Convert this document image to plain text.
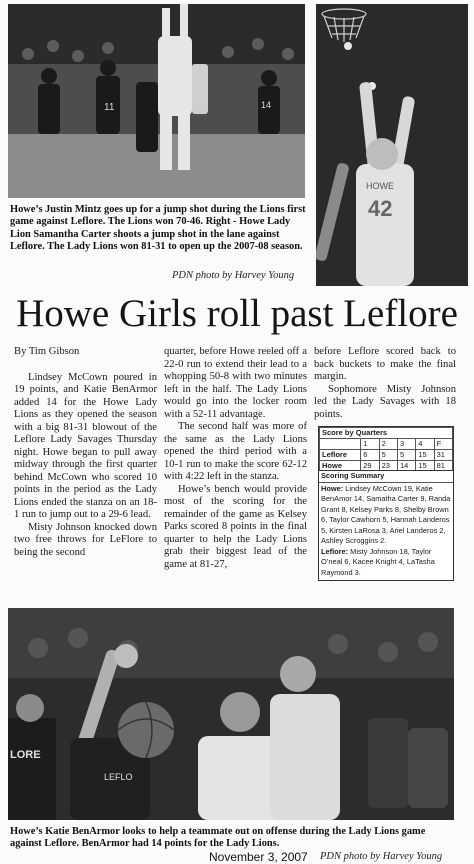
11	14
HOWE
42
Howe’s Justin Mintz goes up for a jump shot during the Lions first game against Leflore. The Lions won 70-46. Right - Howe Lady Lion Samantha Carter shoots a jump shot in the lane against Leflore. The Lady Lions won 81-31 to open up the 2007-08 season.
PDN photo by Harvey Young
Howe Girls roll past Leflore

By Tim Gibson

Lindsey McCown poured in 19 points, and Katie BenArmor added 14 for the Howe Lady Lions as they opened the season with a big 81-31 blowout of the Leflore Lady Savages Thursday night. Howe began to pull away midway through the first quarter behind McCown who scored 10 points in the period as the Lady Lions ended the stanza on an 18-1 run to jump out to a 29-6 lead.

Misty Johnson knocked down two free throws for LeFlore to being the second

quarter, before Howe reeled off a 22-0 run to extend their lead to a whopping 50-8 with two minutes left in the half. The Lady Lions would go into the locker room with a 52-11 advantage.

The second half was more of the same as the Lady Lions opened the third period with a 10-1 run to make the score 62-12 with 4:22 left in the stanza.

Howe’s bench would provide most of the scoring for the remainder of the game as Kelsey Parks scored 8 points in the final quarter to help the Lady Lions grab their biggest lead of the game at 81-27,

before Leflore scored back to back buckets to make the final margin.

Sophomore Misty Johnson led the Lady Savages with 18 points.

Score by Quarters					
	1	2	3	4	F
Leflore	6	5	5	15	31
Howe	29	23	14	15	81
Scoring Summary
Howe: Lindsey McCown 19, Katie BenAmor 14, Samatha Carter 9, Randa Grant 8, Kelsey Parks 8, Shelby Brown 6, Taylor Cawhorn 5, Hannah Landeros 5, Kirsten LaRosa 3, Ariel Landeros 2, Ashley Scroggins 2.
Leflore: Misty Johnson 18, Taylor O’neal 6, Kacee Knight 4, LaTasha Raymond 3.
LORE
LEFLO
Howe’s Katie BenArmor looks to help a teammate out on offense during the Lady Lions game against Leflore. BenArmor had 14 points for the Lady Lions.
November 3, 2007 PDN photo by Harvey Young
